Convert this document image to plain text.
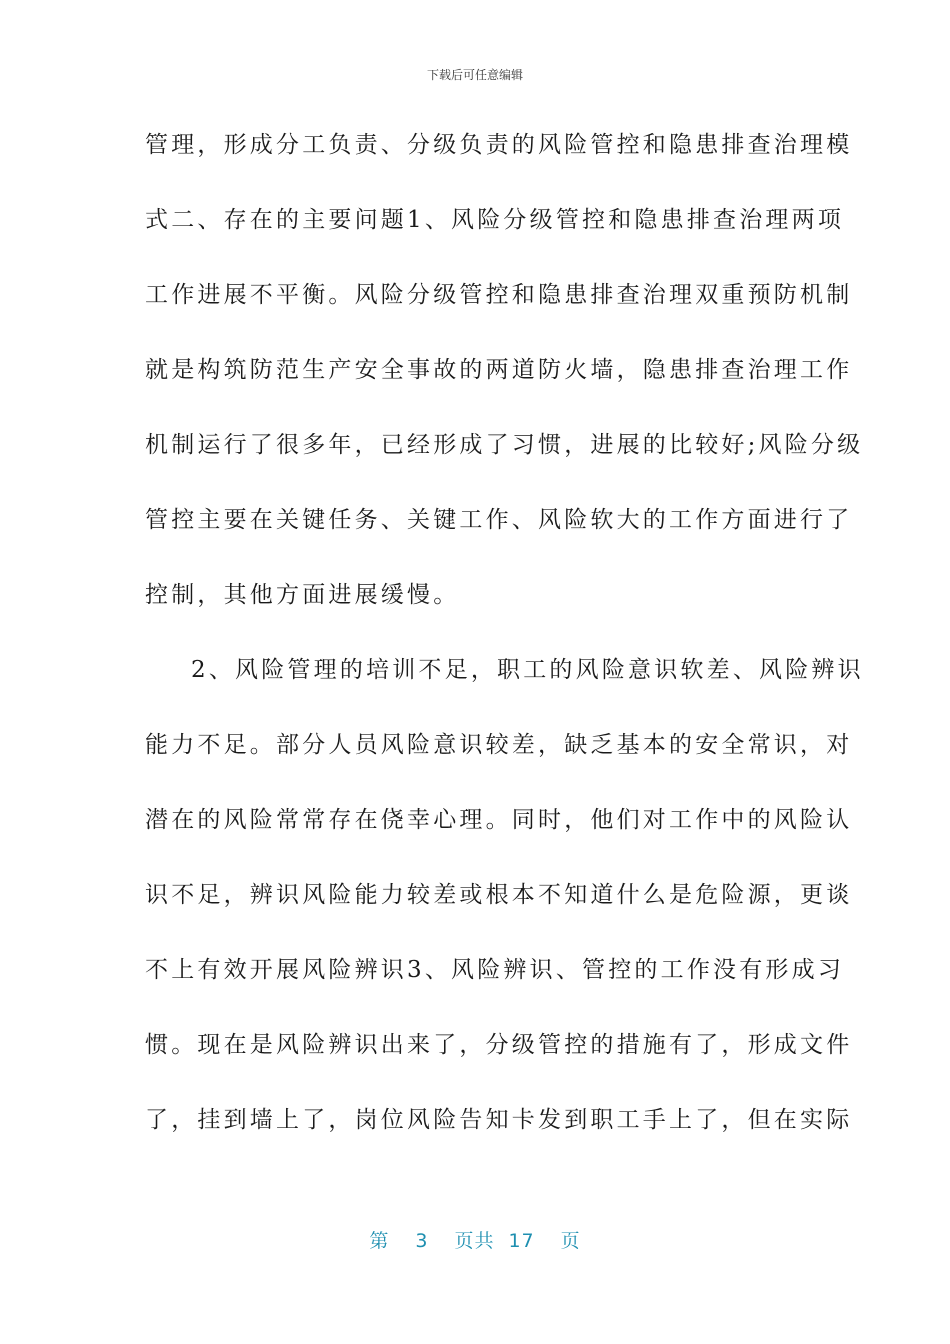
下载后可任意编辑
管理，形成分工负责、分级负责的风险管控和隐患排查治理模
式二、存在的主要问题1、风险分级管控和隐患排查治理两项
工作进展不平衡。风险分级管控和隐患排查治理双重预防机制
就是构筑防范生产安全事故的两道防火墙，隐患排查治理工作
机制运行了很多年，已经形成了习惯，进展的比较好;风险分级
管控主要在关键任务、关键工作、风险软大的工作方面进行了
控制，其他方面进展缓慢。
2、风险管理的培训不足，职工的风险意识软差、风险辨识
能力不足。部分人员风险意识较差，缺乏基本的安全常识，对
潜在的风险常常存在侥幸心理。同时，他们对工作中的风险认
识不足，辨识风险能力较差或根本不知道什么是危险源，更谈
不上有效开展风险辨识3、风险辨识、管控的工作没有形成习
惯。现在是风险辨识出来了，分级管控的措施有了，形成文件
了，挂到墙上了，岗位风险告知卡发到职工手上了，但在实际
第 3 页共 17 页
